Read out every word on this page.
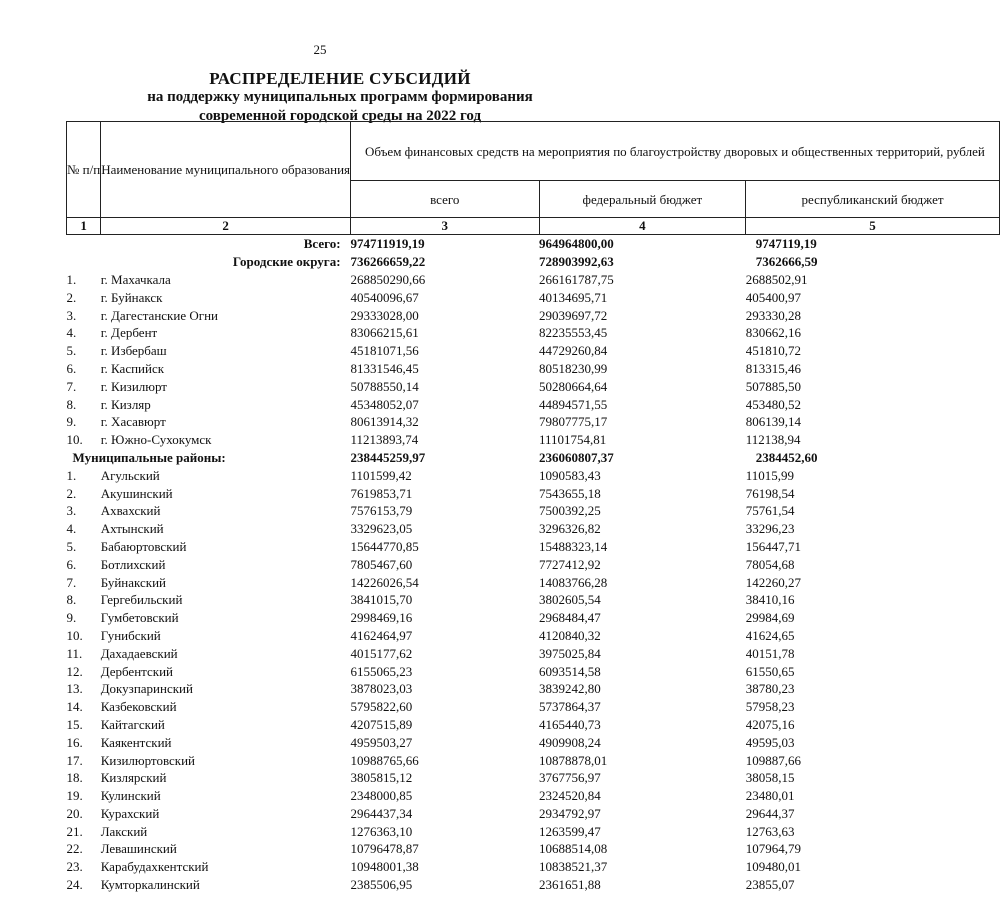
25
РАСПРЕДЕЛЕНИЕ СУБСИДИЙ
на поддержку муниципальных программ формирования
современной городской среды на 2022 год
№ п/п	Наименование муниципального образования	Объем финансовых средств на мероприятия по благоустройству дворовых и общественных территорий, рублей		
		всего	федеральный бюджет	республиканский бюджет
1	2	3	4	5
	Всего:	974711919,19	964964800,00	9747119,19
	Городские округа:	736266659,22	728903992,63	7362666,59
1.	г. Махачкала	268850290,66	266161787,75	2688502,91
2.	г. Буйнакск	40540096,67	40134695,71	405400,97
3.	г. Дагестанские Огни	29333028,00	29039697,72	293330,28
4.	г. Дербент	83066215,61	82235553,45	830662,16
5.	г. Избербаш	45181071,56	44729260,84	451810,72
6.	г. Каспийск	81331546,45	80518230,99	813315,46
7.	г. Кизилюрт	50788550,14	50280664,64	507885,50
8.	г. Кизляр	45348052,07	44894571,55	453480,52
9.	г. Хасавюрт	80613914,32	79807775,17	806139,14
10.	г. Южно-Сухокумск	11213893,74	11101754,81	112138,94
Муниципальные районы:		238445259,97	236060807,37	2384452,60
1.	Агульский	1101599,42	1090583,43	11015,99
2.	Акушинский	7619853,71	7543655,18	76198,54
3.	Ахвахский	7576153,79	7500392,25	75761,54
4.	Ахтынский	3329623,05	3296326,82	33296,23
5.	Бабаюртовский	15644770,85	15488323,14	156447,71
6.	Ботлихский	7805467,60	7727412,92	78054,68
7.	Буйнакский	14226026,54	14083766,28	142260,27
8.	Гергебильский	3841015,70	3802605,54	38410,16
9.	Гумбетовский	2998469,16	2968484,47	29984,69
10.	Гунибский	4162464,97	4120840,32	41624,65
11.	Дахадаевский	4015177,62	3975025,84	40151,78
12.	Дербентский	6155065,23	6093514,58	61550,65
13.	Докузпаринский	3878023,03	3839242,80	38780,23
14.	Казбековский	5795822,60	5737864,37	57958,23
15.	Кайтагский	4207515,89	4165440,73	42075,16
16.	Каякентский	4959503,27	4909908,24	49595,03
17.	Кизилюртовский	10988765,66	10878878,01	109887,66
18.	Кизлярский	3805815,12	3767756,97	38058,15
19.	Кулинский	2348000,85	2324520,84	23480,01
20.	Курахский	2964437,34	2934792,97	29644,37
21.	Лакский	1276363,10	1263599,47	12763,63
22.	Левашинский	10796478,87	10688514,08	107964,79
23.	Карабудахкентский	10948001,38	10838521,37	109480,01
24.	Кумторкалинский	2385506,95	2361651,88	23855,07
